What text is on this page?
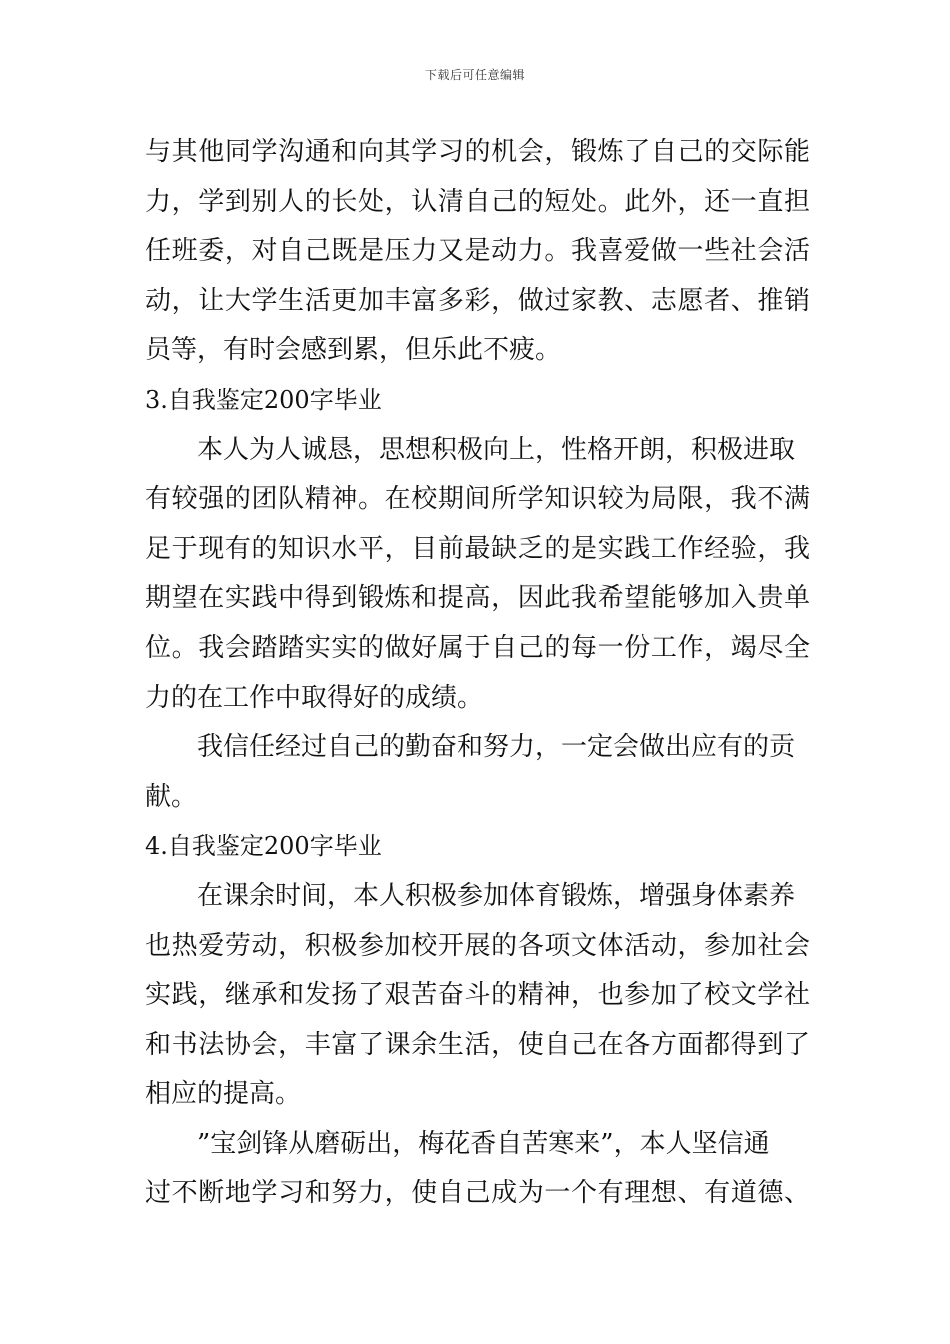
下载后可任意编辑
与其他同学沟通和向其学习的机会，锻炼了自己的交际能
力，学到别人的长处，认清自己的短处。此外，还一直担
任班委，对自己既是压力又是动力。我喜爱做一些社会活
动，让大学生活更加丰富多彩，做过家教、志愿者、推销
员等，有时会感到累，但乐此不疲。
3.自我鉴定200字毕业
本人为人诚恳，思想积极向上，性格开朗，积极进取
有较强的团队精神。在校期间所学知识较为局限，我不满
足于现有的知识水平，目前最缺乏的是实践工作经验，我
期望在实践中得到锻炼和提高，因此我希望能够加入贵单
位。我会踏踏实实的做好属于自己的每一份工作，竭尽全
力的在工作中取得好的成绩。
我信任经过自己的勤奋和努力，一定会做出应有的贡
献。
4.自我鉴定200字毕业
在课余时间，本人积极参加体育锻炼，增强身体素养
也热爱劳动，积极参加校开展的各项文体活动，参加社会
实践，继承和发扬了艰苦奋斗的精神，也参加了校文学社
和书法协会，丰富了课余生活，使自己在各方面都得到了
相应的提高。
”宝剑锋从磨砺出，梅花香自苦寒来”，本人坚信通
过不断地学习和努力，使自己成为一个有理想、有道德、
